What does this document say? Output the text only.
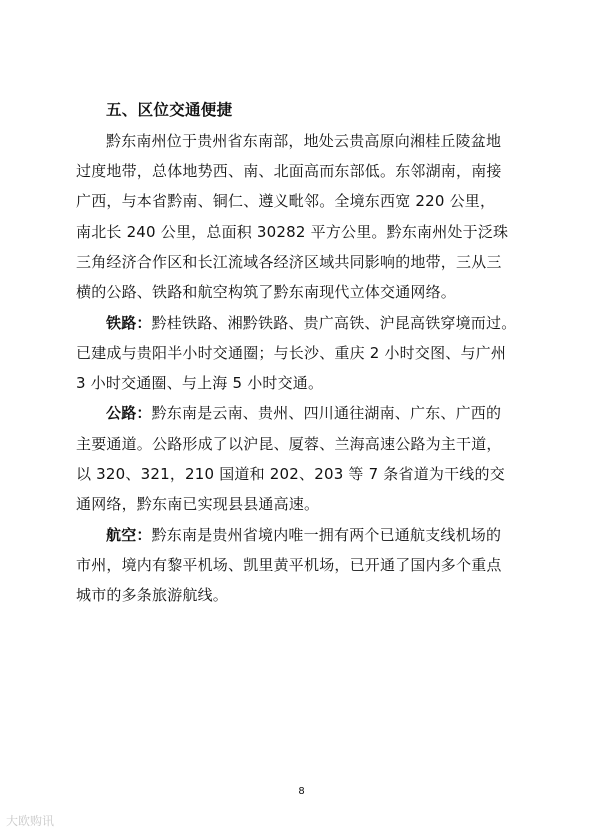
五、区位交通便捷
黔东南州位于贵州省东南部，地处云贵高原向湘桂丘陵盆地
过度地带，总体地势西、南、北面高而东部低。东邻湖南，南接
广西，与本省黔南、铜仁、遵义毗邻。全境东西宽 220 公里，
南北长 240 公里，总面积 30282 平方公里。黔东南州处于泛珠
三角经济合作区和长江流域各经济区域共同影响的地带，三从三
横的公路、铁路和航空构筑了黔东南现代立体交通网络。
铁路：黔桂铁路、湘黔铁路、贵广高铁、沪昆高铁穿境而过。
已建成与贵阳半小时交通圈；与长沙、重庆 2 小时交图、与广州
3 小时交通圈、与上海 5 小时交通。
公路：黔东南是云南、贵州、四川通往湖南、广东、广西的
主要通道。公路形成了以沪昆、厦蓉、兰海高速公路为主干道，
以 320、321，210 国道和 202、203 等 7 条省道为干线的交
通网络，黔东南已实现县县通高速。
航空：黔东南是贵州省境内唯一拥有两个已通航支线机场的
市州，境内有黎平机场、凯里黄平机场，已开通了国内多个重点
城市的多条旅游航线。
8
大欧购讯
